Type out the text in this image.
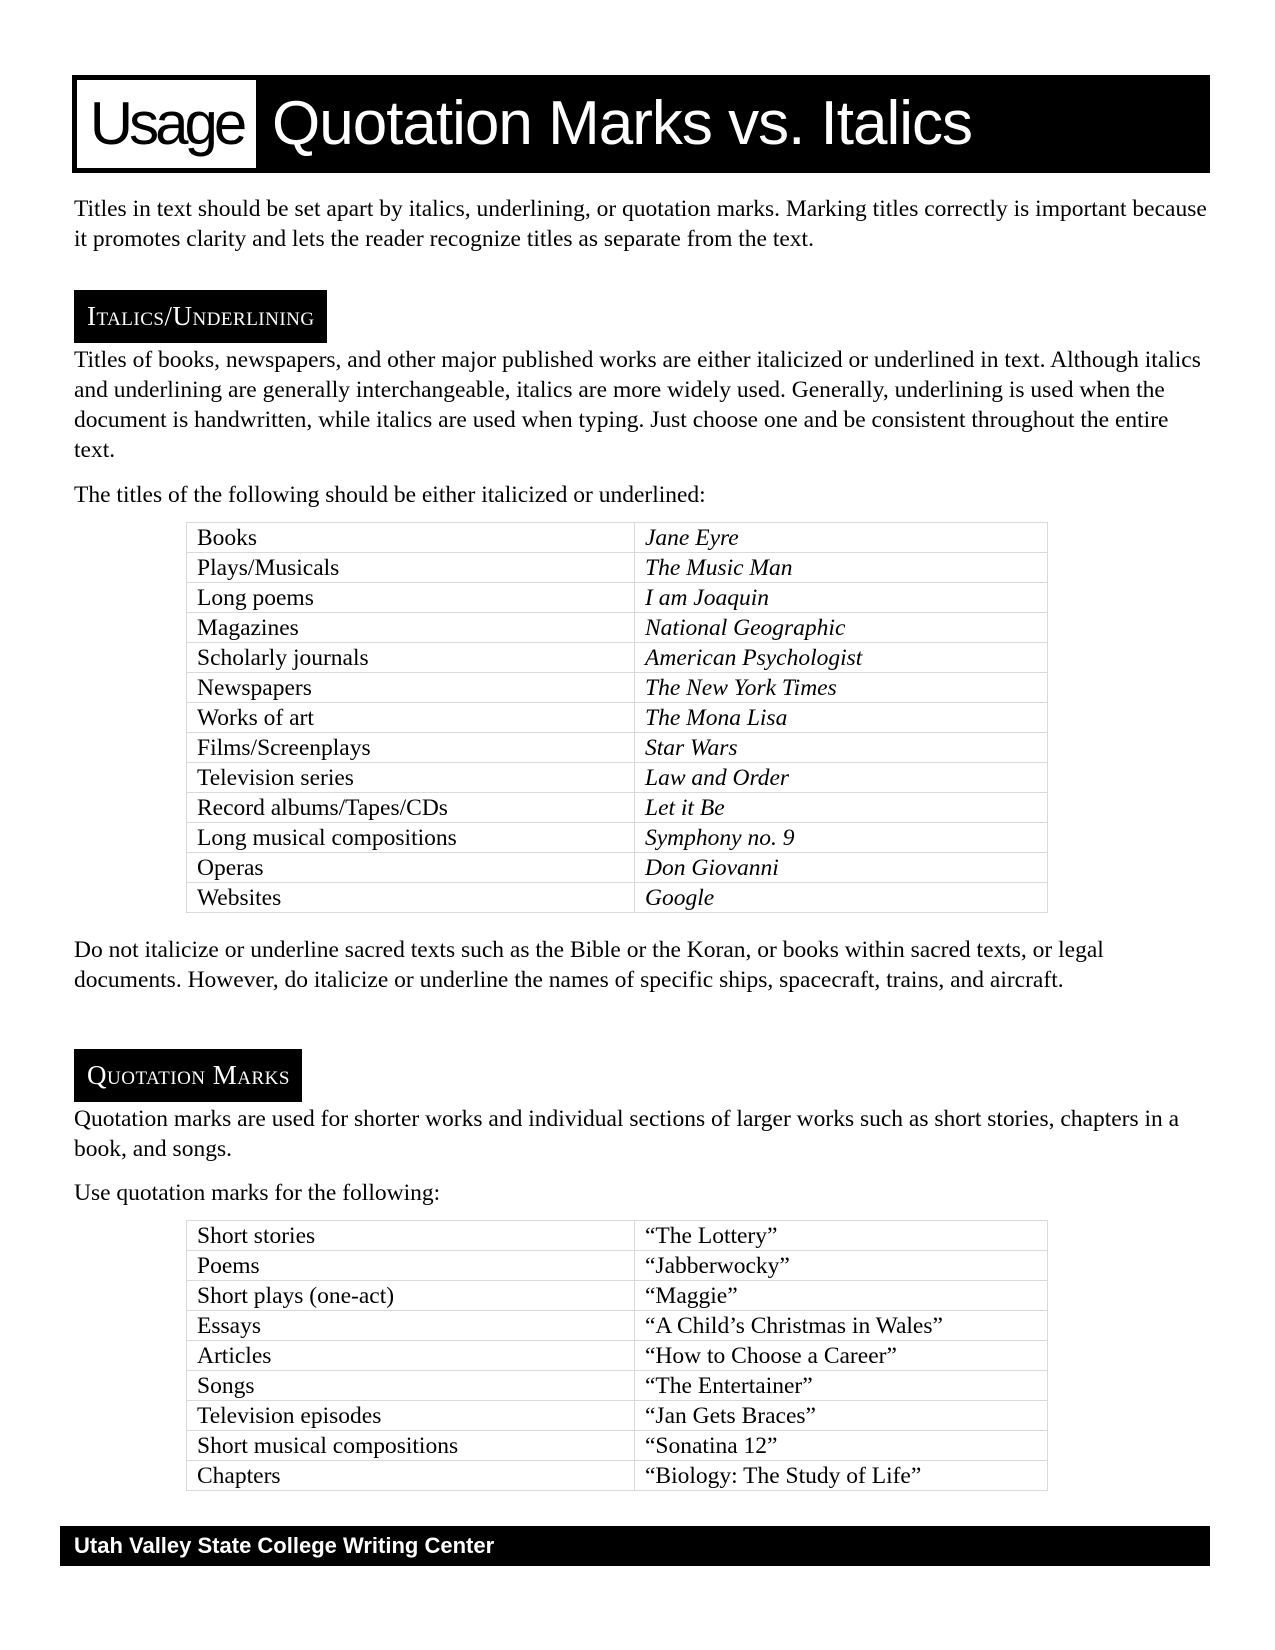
Usage Quotation Marks vs. Italics

Titles in text should be set apart by italics, underlining, or quotation marks. Marking titles correctly is important because it promotes clarity and lets the reader recognize titles as separate from the text.

Italics/Underlining

Titles of books, newspapers, and other major published works are either italicized or underlined in text. Although italics and underlining are generally interchangeable, italics are more widely used. Generally, underlining is used when the document is handwritten, while italics are used when typing. Just choose one and be consistent throughout the entire text.

The titles of the following should be either italicized or underlined:

Books	Jane Eyre
Plays/Musicals	The Music Man
Long poems	I am Joaquin
Magazines	National Geographic
Scholarly journals	American Psychologist
Newspapers	The New York Times
Works of art	The Mona Lisa
Films/Screenplays	Star Wars
Television series	Law and Order
Record albums/Tapes/CDs	Let it Be
Long musical compositions	Symphony no. 9
Operas	Don Giovanni
Websites	Google

Do not italicize or underline sacred texts such as the Bible or the Koran, or books within sacred texts, or legal documents. However, do italicize or underline the names of specific ships, spacecraft, trains, and aircraft.

Quotation Marks

Quotation marks are used for shorter works and individual sections of larger works such as short stories, chapters in a book, and songs.

Use quotation marks for the following:

Short stories	“The Lottery”
Poems	“Jabberwocky”
Short plays (one-act)	“Maggie”
Essays	“A Child’s Christmas in Wales”
Articles	“How to Choose a Career”
Songs	“The Entertainer”
Television episodes	“Jan Gets Braces”
Short musical compositions	“Sonatina 12”
Chapters	“Biology: The Study of Life”
Utah Valley State College Writing Center
